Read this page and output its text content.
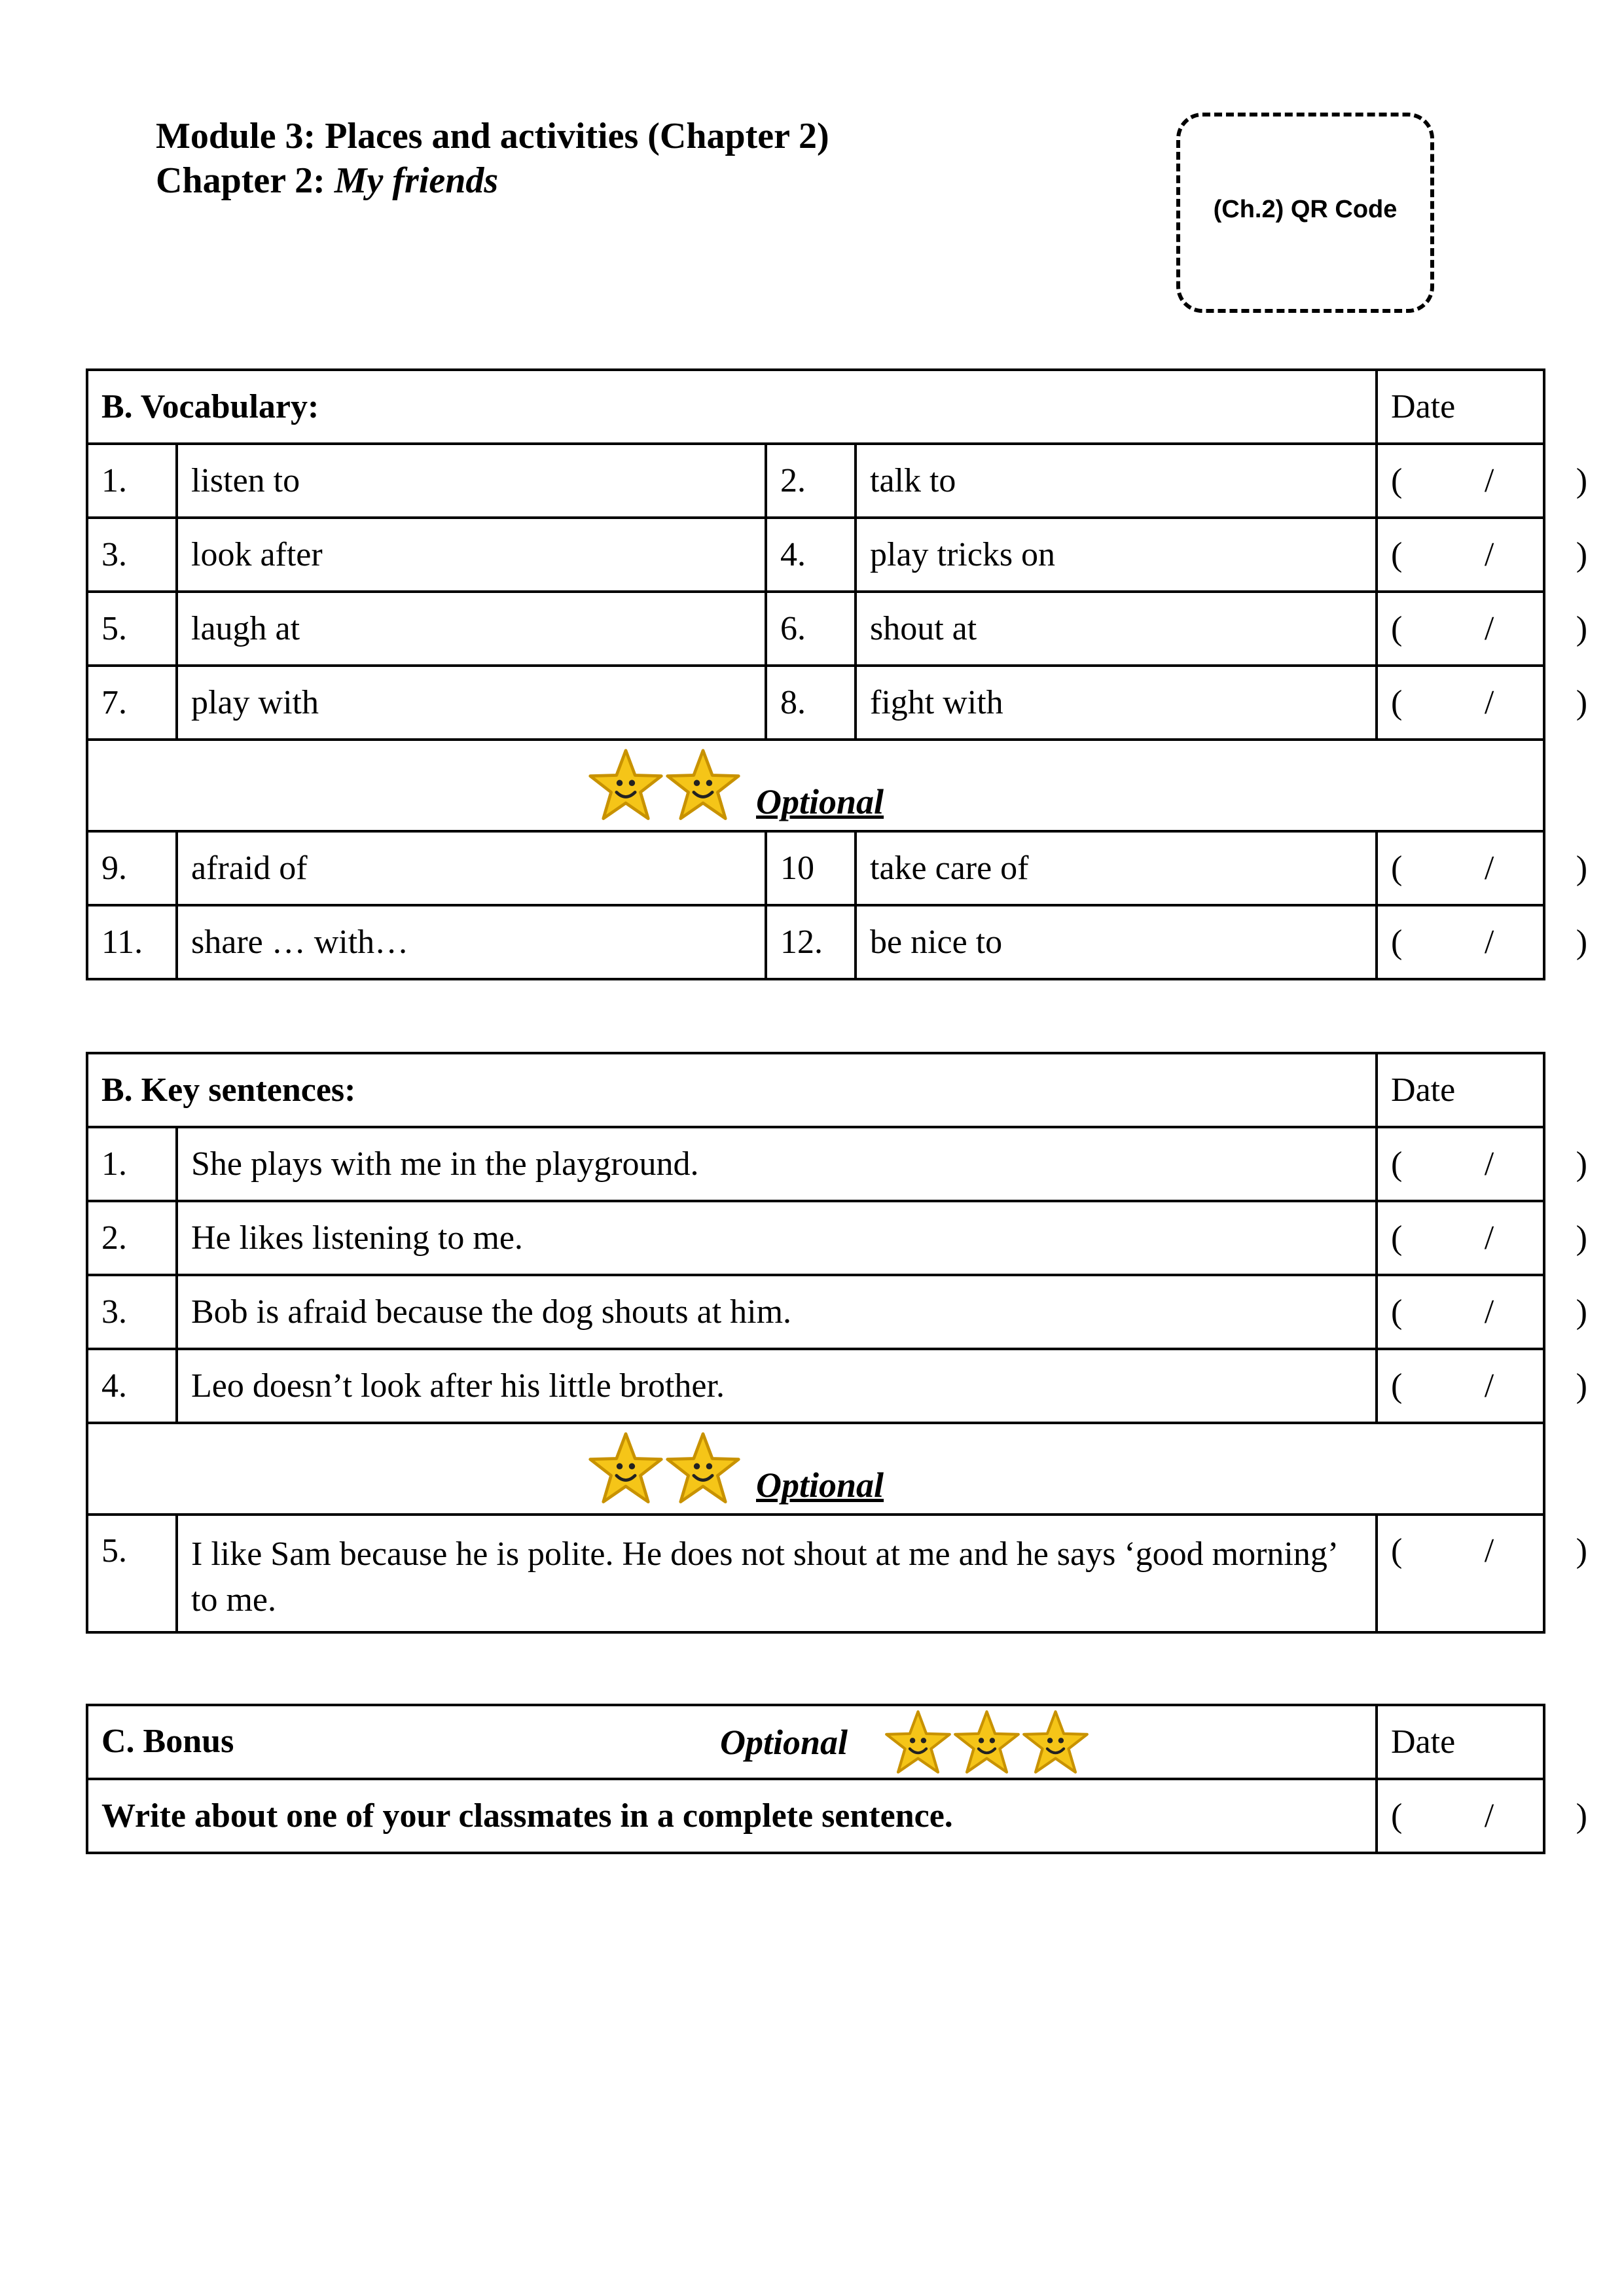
Module 3: Places and activities (Chapter 2)
Chapter 2: My friends
(Ch.2) QR Code
B. Vocabulary:				Date
1.	listen to	2.	talk to	( / )

3.	look after	4.	play tricks on	( / )

5.	laugh at	6.	shout at	( / )

7.	play with	8.	fight with	( / )

Optional				

9.	afraid of	10	take care of	( / )

11.	share … with…	12.	be nice to	( / )
B. Key sentences:		Date
1.	She plays with me in the playground.	( / )

2.	He likes listening to me.	( / )

3.	Bob is afraid because the dog shouts at him.	( / )

4.	Leo doesn’t look after his little brother.	( / )

Optional		

5.	I like Sam because he is polite. He does not shout at me and he says ‘good morning’ to me.	( / )
C. Bonus Optional	Date
Write about one of your classmates in a complete sentence.	( / )
